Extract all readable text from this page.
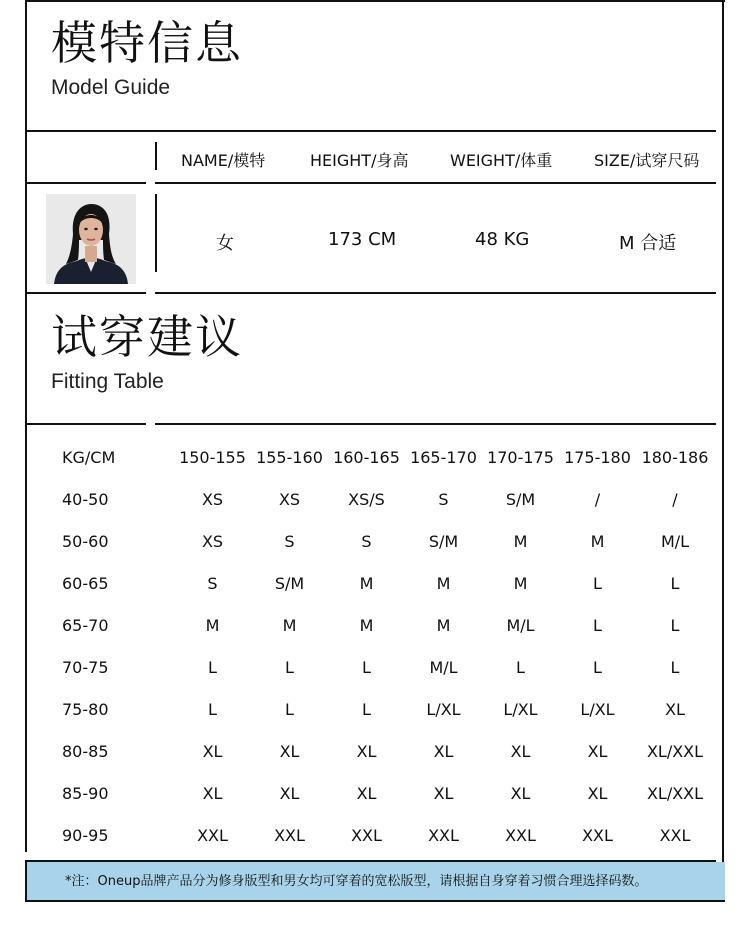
模特信息
Model Guide
NAME/模特	HEIGHT/身高	WEIGHT/体重	SIZE/试穿尺码
女	173 CM	48 KG	M 合适
试穿建议
Fitting Table
KG/CM	150-155	155-160	160-165	165-170	170-175	175-180	180-186
40-50	XS	XS	XS/S	S	S/M	/	/
50-60	XS	S	S	S/M	M	M	M/L
60-65	S	S/M	M	M	M	L	L
65-70	M	M	M	M	M/L	L	L
70-75	L	L	L	M/L	L	L	L
75-80	L	L	L	L/XL	L/XL	L/XL	XL
80-85	XL	XL	XL	XL	XL	XL	XL/XXL
85-90	XL	XL	XL	XL	XL	XL	XL/XXL
90-95	XXL	XXL	XXL	XXL	XXL	XXL	XXL
*注：Oneup品牌产品分为修身版型和男女均可穿着的宽松版型，请根据自身穿着习惯合理选择码数。
